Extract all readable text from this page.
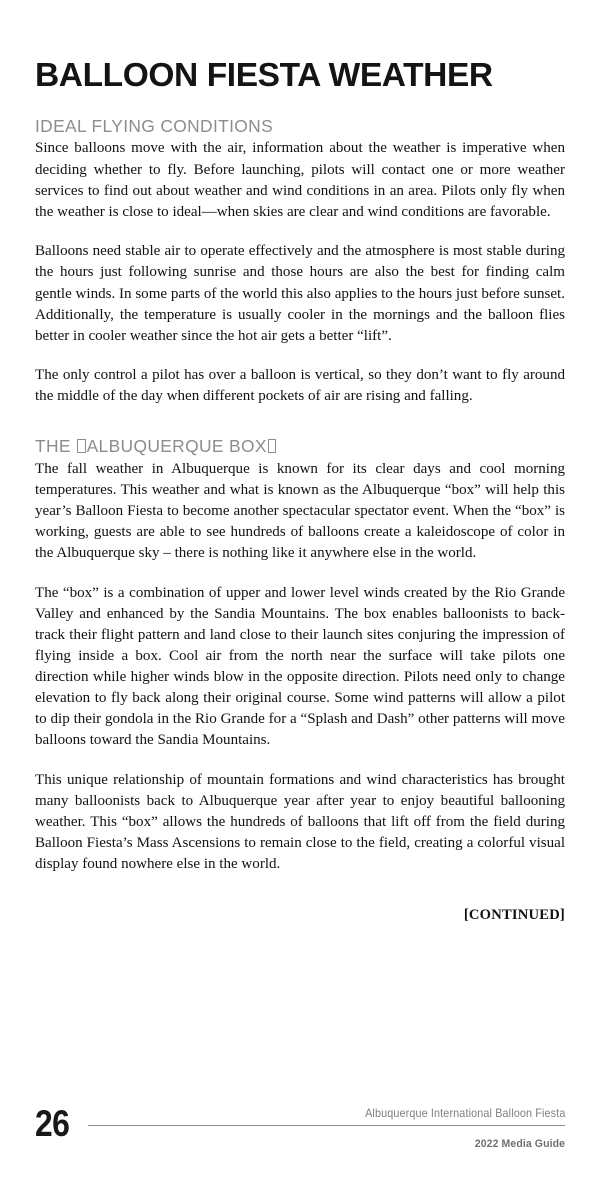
BALLOON FIESTA WEATHER
IDEAL FLYING CONDITIONS

Since balloons move with the air, information about the weather is imperative when deciding whether to fly. Before launching, pilots will contact one or more weather services to find out about weather and wind conditions in an area. Pilots only fly when the weather is close to ideal—when skies are clear and wind conditions are favorable.

Balloons need stable air to operate effectively and the atmosphere is most stable during the hours just following sunrise and those hours are also the best for finding calm gentle winds. In some parts of the world this also applies to the hours just before sunset. Additionally, the temperature is usually cooler in the mornings and the balloon flies better in cooler weather since the hot air gets a better “lift”.

The only control a pilot has over a balloon is vertical, so they don’t want to fly around the middle of the day when different pockets of air are rising and falling.

THE ALBUQUERQUE BOX

The fall weather in Albuquerque is known for its clear days and cool morning temperatures. This weather and what is known as the Albuquerque “box” will help this year’s Balloon Fiesta to become another spectacular spectator event. When the “box” is working, guests are able to see hundreds of balloons create a kaleidoscope of color in the Albuquerque sky – there is nothing like it anywhere else in the world.

The “box” is a combination of upper and lower level winds created by the Rio Grande Valley and enhanced by the Sandia Mountains. The box enables balloonists to back-track their flight pattern and land close to their launch sites conjuring the impression of flying inside a box. Cool air from the north near the surface will take pilots one direction while higher winds blow in the opposite direction. Pilots need only to change elevation to fly back along their original course. Some wind patterns will allow a pilot to dip their gondola in the Rio Grande for a “Splash and Dash” other patterns will move balloons toward the Sandia Mountains.

This unique relationship of mountain formations and wind characteristics has brought many balloonists back to Albuquerque year after year to enjoy beautiful ballooning weather. This “box” allows the hundreds of balloons that lift off from the field during Balloon Fiesta’s Mass Ascensions to remain close to the field, creating a colorful visual display found nowhere else in the world.

[CONTINUED]
26	Albuquerque International Balloon Fiesta
2022 Media Guide
